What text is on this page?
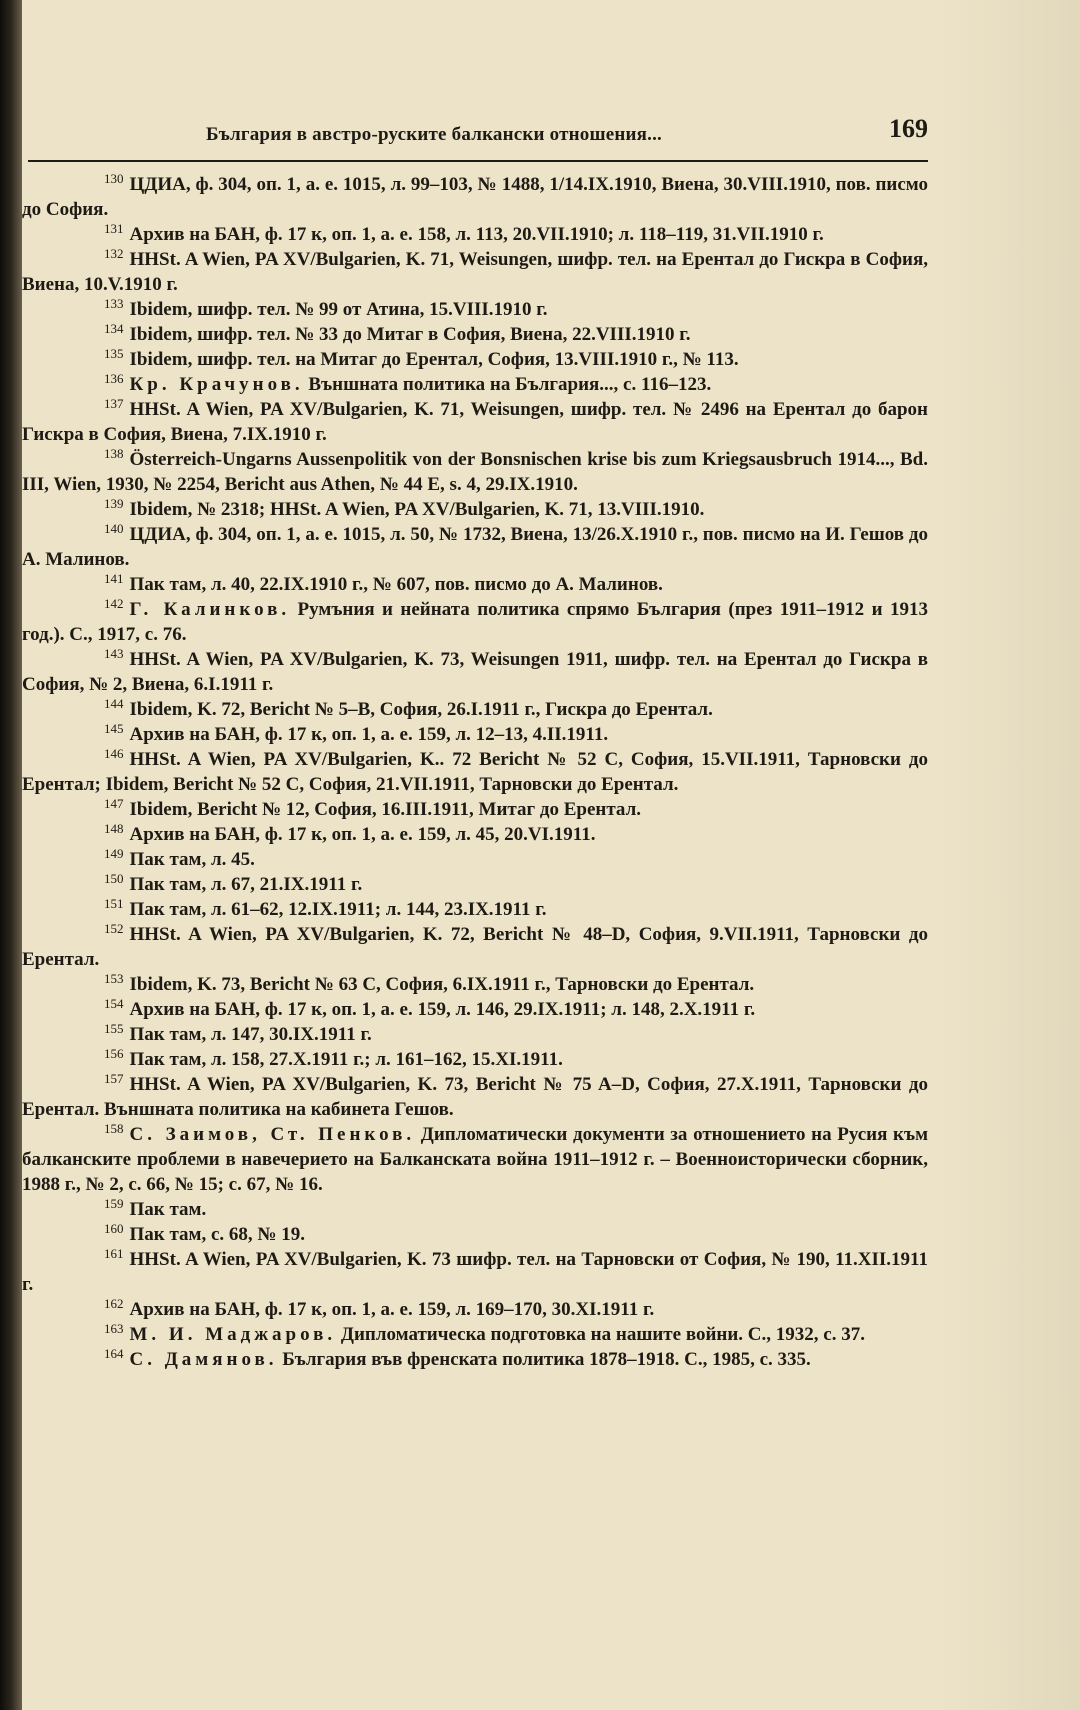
България в австро-руските балкански отношения...	169

$^{130}$ ЦДИА, ф. 304, оп. 1, а. е. 1015, л. 99–103, № 1488, 1/14.IX.1910, Виена, 30.VIII.1910, пов. писмо до София.

$^{131}$ Архив на БАН, ф. 17 к, оп. 1, а. е. 158, л. 113, 20.VII.1910; л. 118–119, 31.VII.1910 г.

$^{132}$ HHSt. A Wien, PA XV/Bulgarien, K. 71, Weisungen, шифр. тел. на Ерентал до Гискра в София, Виена, 10.V.1910 г.

$^{133}$ Ibidem, шифр. тел. № 99 от Атина, 15.VIII.1910 г.

$^{134}$ Ibidem, шифр. тел. № 33 до Митаг в София, Виена, 22.VIII.1910 г.

$^{135}$ Ibidem, шифр. тел. на Митаг до Ерентал, София, 13.VIII.1910 г., № 113.

$^{136}$ Кр. Крачунов. Външната политика на България..., с. 116–123.

$^{137}$ HHSt. A Wien, PA XV/Bulgarien, K. 71, Weisungen, шифр. тел. № 2496 на Ерентал до барон Гискра в София, Виена, 7.IX.1910 г.

$^{138}$ Österreich-Ungarns Aussenpolitik von der Bonsnischen krise bis zum Kriegsausbruch 1914..., Bd. III, Wien, 1930, № 2254, Bericht aus Athen, № 44 E, s. 4, 29.IX.1910.

$^{139}$ Ibidem, № 2318; HHSt. A Wien, PA XV/Bulgarien, K. 71, 13.VIII.1910.

$^{140}$ ЦДИА, ф. 304, оп. 1, а. е. 1015, л. 50, № 1732, Виена, 13/26.X.1910 г., пов. писмо на И. Гешов до А. Малинов.

$^{141}$ Пак там, л. 40, 22.IX.1910 г., № 607, пов. писмо до А. Малинов.

$^{142}$ Г. Калинков. Румъния и нейната политика спрямо България (през 1911–1912 и 1913 год.). С., 1917, с. 76.

$^{143}$ HHSt. A Wien, PA XV/Bulgarien, K. 73, Weisungen 1911, шифр. тел. на Ерентал до Гискра в София, № 2, Виена, 6.I.1911 г.

$^{144}$ Ibidem, K. 72, Bericht № 5–B, София, 26.I.1911 г., Гискра до Ерентал.

$^{145}$ Архив на БАН, ф. 17 к, оп. 1, а. е. 159, л. 12–13, 4.II.1911.

$^{146}$ HHSt. A Wien, PA XV/Bulgarien, K.. 72 Bericht № 52 C, София, 15.VII.1911, Тарновски до Ерентал; Ibidem, Bericht № 52 C, София, 21.VII.1911, Тарновски до Ерентал.

$^{147}$ Ibidem, Bericht № 12, София, 16.III.1911, Митаг до Ерентал.

$^{148}$ Архив на БАН, ф. 17 к, оп. 1, а. е. 159, л. 45, 20.VI.1911.

$^{149}$ Пак там, л. 45.

$^{150}$ Пак там, л. 67, 21.IX.1911 г.

$^{151}$ Пак там, л. 61–62, 12.IX.1911; л. 144, 23.IX.1911 г.

$^{152}$ HHSt. A Wien, PA XV/Bulgarien, K. 72, Bericht № 48–D, София, 9.VII.1911, Тарновски до Ерентал.

$^{153}$ Ibidem, K. 73, Bericht № 63 C, София, 6.IX.1911 г., Тарновски до Ерентал.

$^{154}$ Архив на БАН, ф. 17 к, оп. 1, а. е. 159, л. 146, 29.IX.1911; л. 148, 2.X.1911 г.

$^{155}$ Пак там, л. 147, 30.IX.1911 г.

$^{156}$ Пак там, л. 158, 27.X.1911 г.; л. 161–162, 15.XI.1911.

$^{157}$ HHSt. A Wien, PA XV/Bulgarien, K. 73, Bericht № 75 A–D, София, 27.X.1911, Тарновски до Ерентал. Външната политика на кабинета Гешов.

$^{158}$ С. Заимов, Ст. Пенков. Дипломатически документи за отношението на Русия към балканските проблеми в навечерието на Балканската война 1911–1912 г. – Военноисторически сборник, 1988 г., № 2, с. 66, № 15; с. 67, № 16.

$^{159}$ Пак там.

$^{160}$ Пак там, с. 68, № 19.

$^{161}$ HHSt. A Wien, PA XV/Bulgarien, K. 73 шифр. тел. на Тарновски от София, № 190, 11.XII.1911 г.

$^{162}$ Архив на БАН, ф. 17 к, оп. 1, а. е. 159, л. 169–170, 30.XI.1911 г.

$^{163}$ М. И. Маджаров. Дипломатическа подготовка на нашите войни. С., 1932, с. 37.

$^{164}$ С. Дамянов. България във френската политика 1878–1918. С., 1985, с. 335.
